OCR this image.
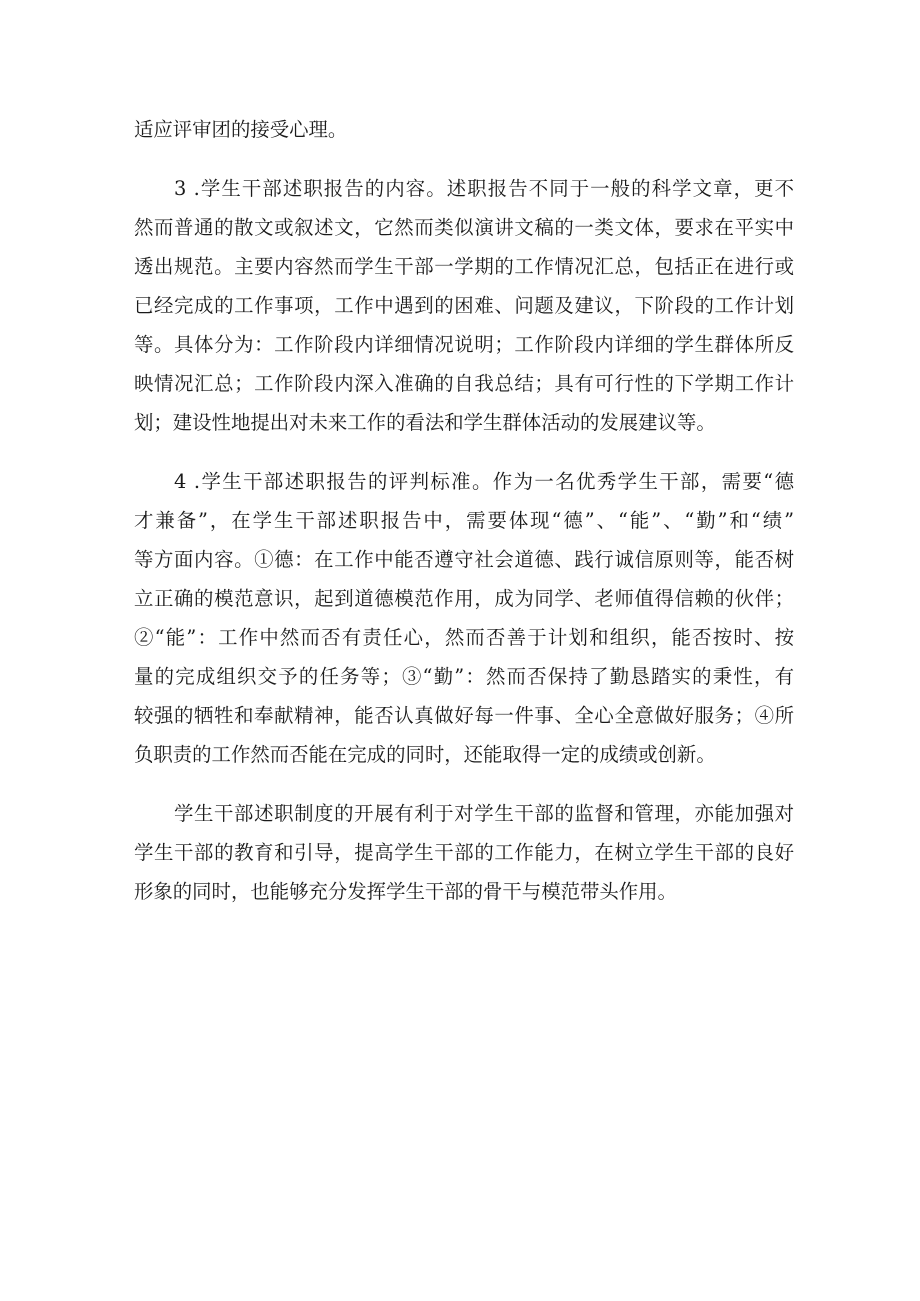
适应评审团的接受心理。
3 .学生干部述职报告的内容。述职报告不同于一般的科学文章，更不
然而普通的散文或叙述文，它然而类似演讲文稿的一类文体，要求在平实中
透出规范。主要内容然而学生干部一学期的工作情况汇总，包括正在进行或
已经完成的工作事项，工作中遇到的困难、问题及建议，下阶段的工作计划
等。具体分为：工作阶段内详细情况说明；工作阶段内详细的学生群体所反
映情况汇总；工作阶段内深入准确的自我总结；具有可行性的下学期工作计
划；建设性地提出对未来工作的看法和学生群体活动的发展建议等。
4 .学生干部述职报告的评判标准。作为一名优秀学生干部，需要“德
才兼备”，在学生干部述职报告中，需要体现“德”、“能”、“勤”和“绩”
等方面内容。①德：在工作中能否遵守社会道德、践行诚信原则等，能否树
立正确的模范意识，起到道德模范作用，成为同学、老师值得信赖的伙伴；
②“能”：工作中然而否有责任心，然而否善于计划和组织，能否按时、按
量的完成组织交予的任务等；③“勤”：然而否保持了勤恳踏实的秉性，有
较强的牺牲和奉献精神，能否认真做好每一件事、全心全意做好服务；④所
负职责的工作然而否能在完成的同时，还能取得一定的成绩或创新。
学生干部述职制度的开展有利于对学生干部的监督和管理，亦能加强对
学生干部的教育和引导，提高学生干部的工作能力，在树立学生干部的良好
形象的同时，也能够充分发挥学生干部的骨干与模范带头作用。
